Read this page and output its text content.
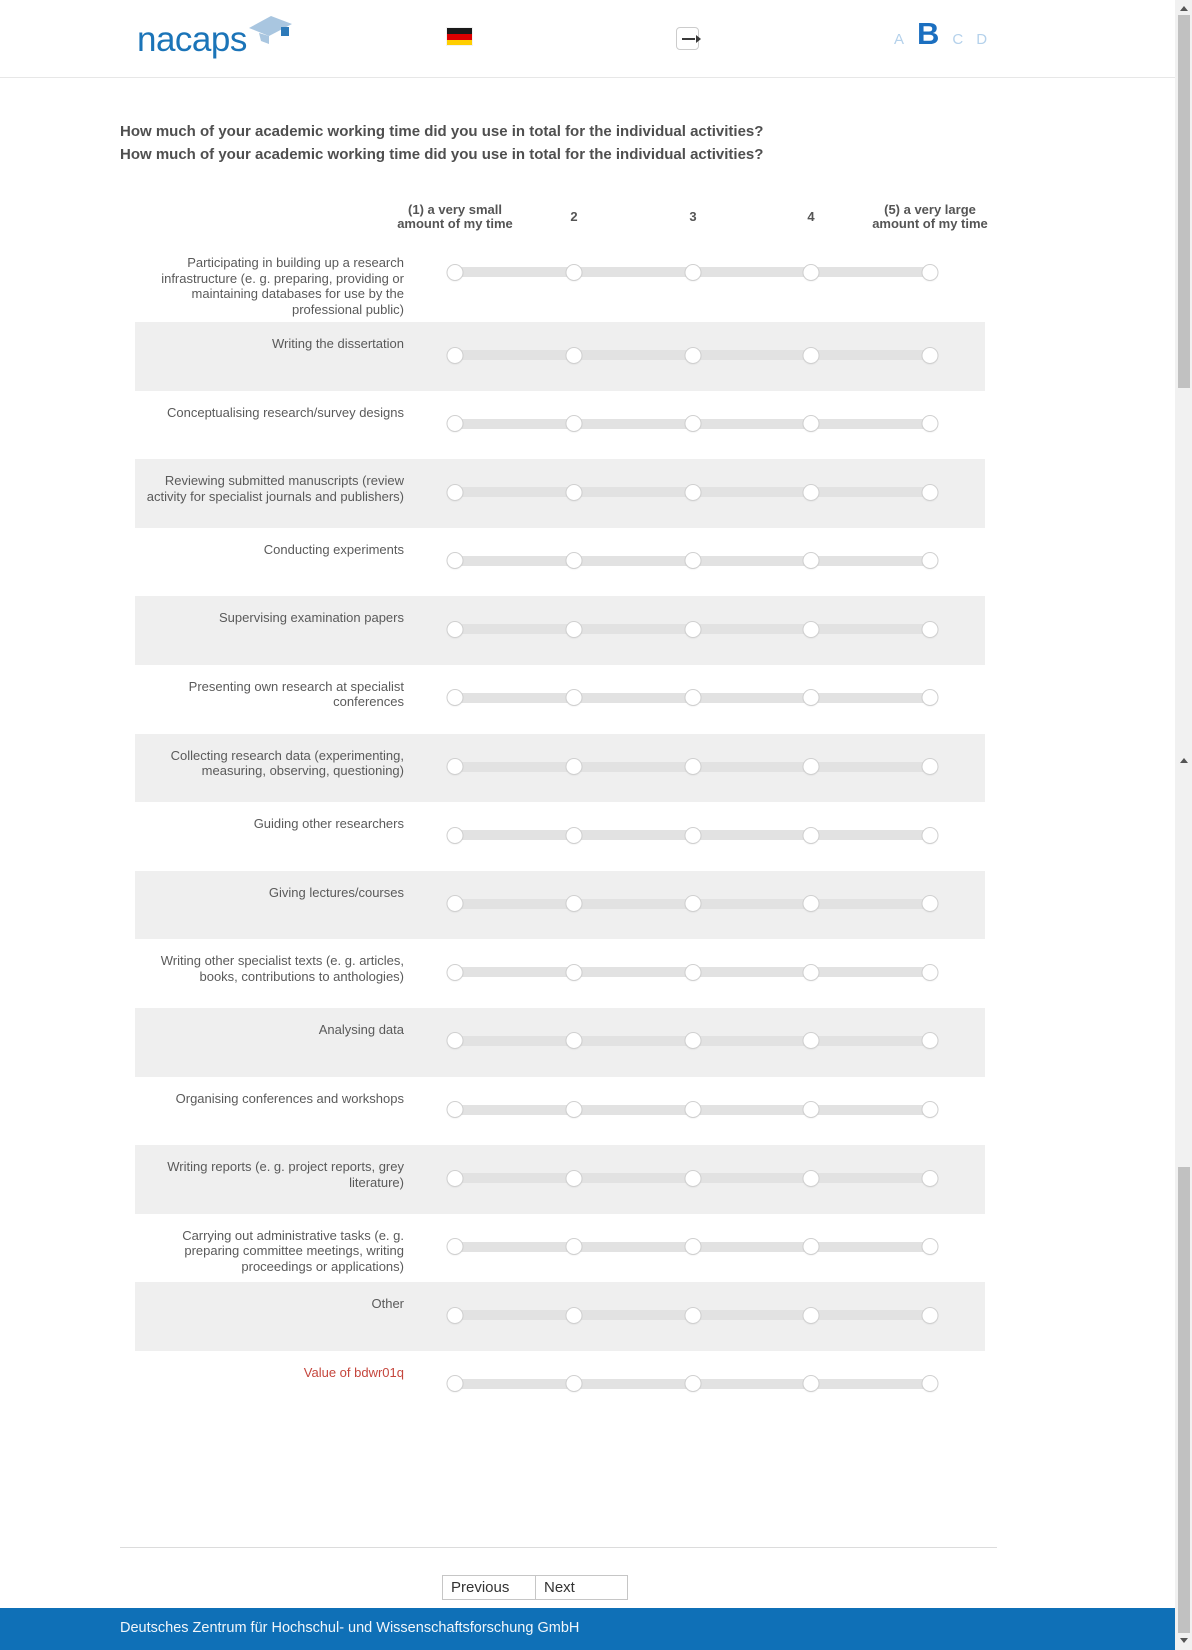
nacaps	A B C D
How much of your academic working time did you use in total for the individual activities?
How much of your academic working time did you use in total for the individual activities?
(1) a very small amount of my time	2	3	4	(5) a very large amount of my time
Participating in building up a research infrastructure (e. g. preparing, providing or maintaining databases for use by the professional public)
Writing the dissertation
Conceptualising research/survey designs
Reviewing submitted manuscripts (review activity for specialist journals and publishers)
Conducting experiments
Supervising examination papers
Presenting own research at specialist conferences
Collecting research data (experimenting, measuring, observing, questioning)
Guiding other researchers
Giving lectures/courses
Writing other specialist texts (e. g. articles, books, contributions to anthologies)
Analysing data
Organising conferences and workshops
Writing reports (e. g. project reports, grey literature)
Carrying out administrative tasks (e. g. preparing committee meetings, writing proceedings or applications)
Other
Value of bdwr01q
Previous	Next
Deutsches Zentrum für Hochschul- und Wissenschaftsforschung GmbH
